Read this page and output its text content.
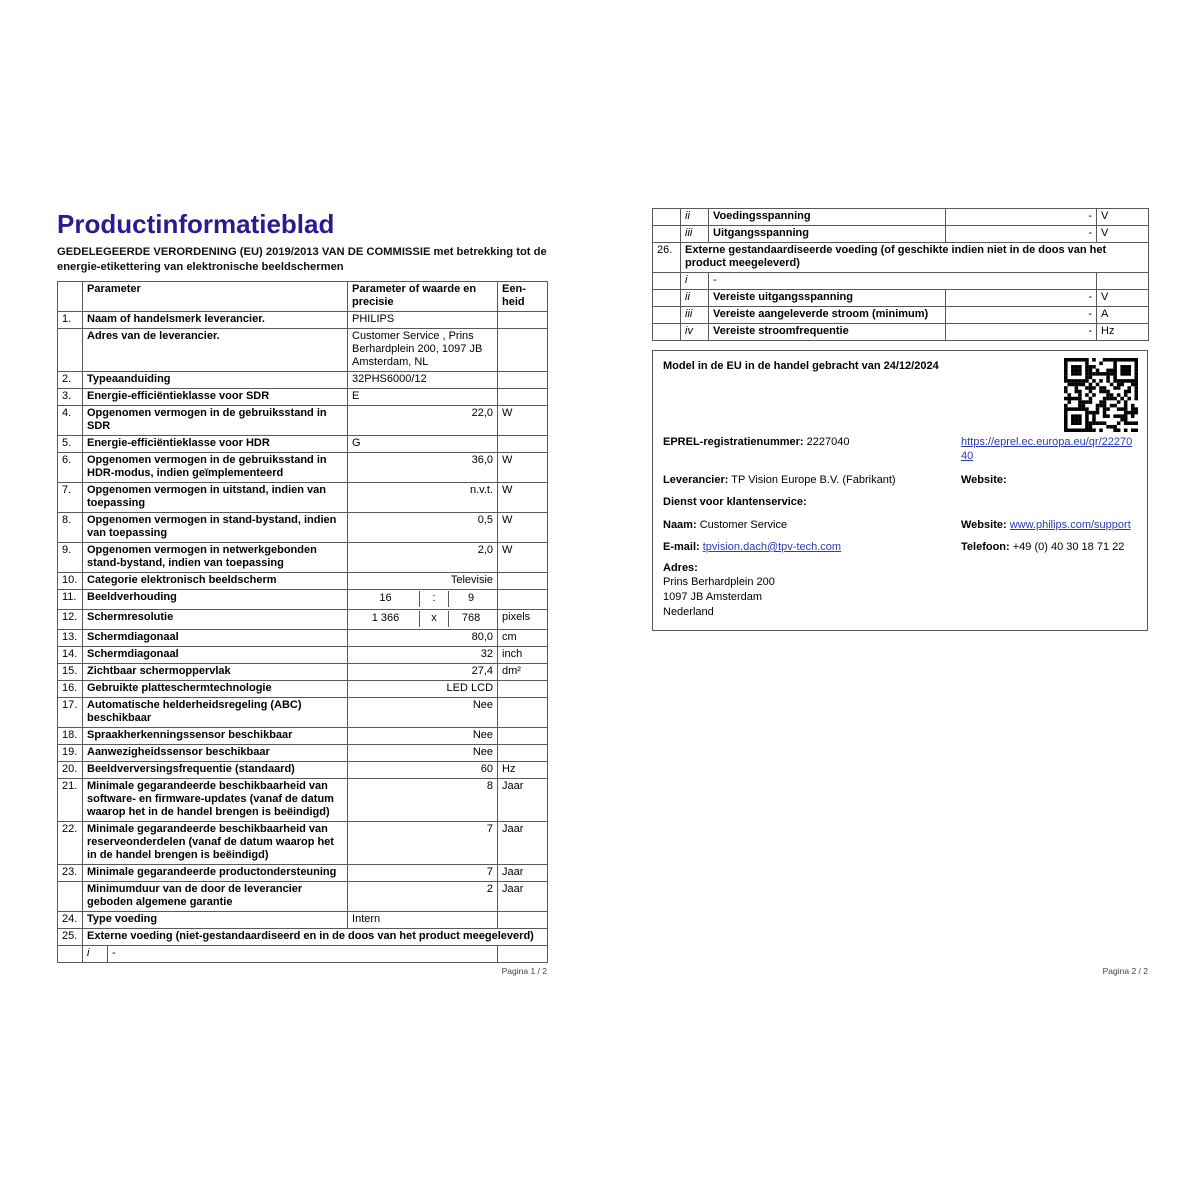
Productinformatieblad

GEDELEGEERDE VERORDENING (EU) 2019/2013 VAN DE COMMISSIE met betrekking tot de energie-etikettering van elektronische beeldschermen

	Parameter		Parameter of waarde en precisie	Een-heid
1.	Naam of handelsmerk leverancier.		PHILIPS	
	Adres van de leverancier.		Customer Service , Prins Berhardplein 200, 1097 JB Amsterdam, NL	
2.	Typeaanduiding		32PHS6000/12	
3.	Energie-efficiëntieklasse voor SDR		E	
4.	Opgenomen vermogen in de gebruiksstand in SDR		22,0	W
5.	Energie-efficiëntieklasse voor HDR		G	
6.	Opgenomen vermogen in de gebruiksstand in HDR-modus, indien geïmplementeerd		36,0	W
7.	Opgenomen vermogen in uitstand, indien van toepassing		n.v.t.	W
8.	Opgenomen vermogen in stand-bystand, indien van toepassing		0,5	W
9.	Opgenomen vermogen in netwerkgebonden stand-bystand, indien van toepassing		2,0	W
10.	Categorie elektronisch beeldscherm		Televisie	
11.	Beeldverhouding		16 : 9	

12.	Schermresolutie		1 366 x 768	pixels
13.	Schermdiagonaal		80,0	cm
14.	Schermdiagonaal		32	inch
15.	Zichtbaar schermoppervlak		27,4	dm²
16.	Gebruikte platteschermtechnologie		LED LCD	
17.	Automatische helderheidsregeling (ABC) beschikbaar		Nee	
18.	Spraakherkenningssensor beschikbaar		Nee	
19.	Aanwezigheidssensor beschikbaar		Nee	
20.	Beeldverversingsfrequentie (standaard)		60	Hz
21.	Minimale gegarandeerde beschikbaarheid van software- en firmware-updates (vanaf de datum waarop het in de handel brengen is beëindigd)		8	Jaar
22.	Minimale gegarandeerde beschikbaarheid van reserveonderdelen (vanaf de datum waarop het in de handel brengen is beëindigd)		7	Jaar
23.	Minimale gegarandeerde productondersteuning		7	Jaar
	Minimumduur van de door de leverancier geboden algemene garantie		2	Jaar
24.	Type voeding		Intern	
25.	Externe voeding (niet-gestandaardiseerd en in de doos van het product meegeleverd)			
	i	-		
Pagina 1 / 2
	ii	Voedingsspanning	-	V
	iii	Uitgangsspanning	-	V
26.	Externe gestandaardiseerde voeding (of geschikte indien niet in de doos van het product meegeleverd)			
	i	-		
	ii	Vereiste uitgangsspanning	-	V
	iii	Vereiste aangeleverde stroom (minimum)	-	A
	iv	Vereiste stroomfrequentie	-	Hz
Model in de EU in de handel gebracht van 24/12/2024
EPREL-registratienummer: 2227040	https://eprel.ec.europa.eu/qr/2227040
Leverancier: TP Vision Europe B.V. (Fabrikant)	Website:
Dienst voor klantenservice:
Naam: Customer Service	Website: www.philips.com/support
E-mail: tpvision.dach@tpv-tech.com	Telefoon: +49 (0) 40 30 18 71 22
Adres:
Prins Berhardplein 200
1097 JB Amsterdam
Nederland
Pagina 2 / 2
